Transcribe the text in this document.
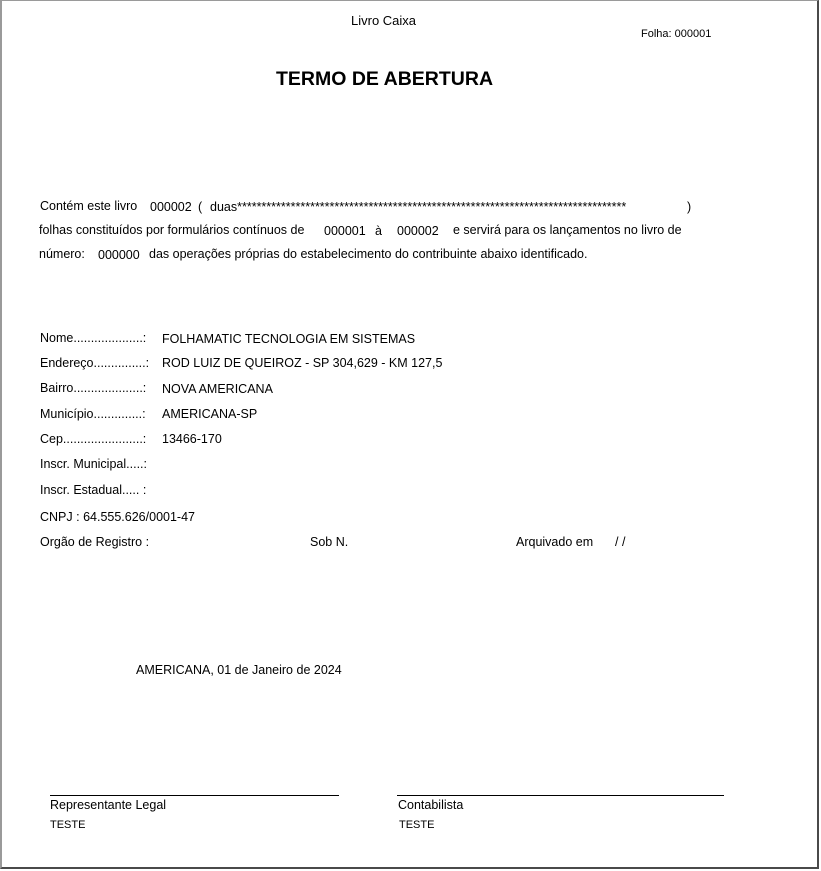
Livro Caixa
Folha: 000001
TERMO DE ABERTURA
Contém este livro 000002 ( duas********************************************************************************	)
folhas constituídos por formulários contínuos de 000001 à 000002 e servirá para os lançamentos no livro de
número: 000000 das operações próprias do estabelecimento do contribuinte abaixo identificado.
Nome....................: FOLHAMATIC TECNOLOGIA EM SISTEMAS
Endereço...............: ROD LUIZ DE QUEIROZ - SP 304,629 - KM 127,5
Bairro....................: NOVA AMERICANA
Município..............: AMERICANA-SP
Cep.......................: 13466-170
Inscr. Municipal.....:
Inscr. Estadual..... :
CNPJ : 64.555.626/0001-47
Orgão de Registro :	Sob N.	Arquivado em / /
AMERICANA, 01 de Janeiro de 2024
Representante Legal
TESTE
Contabilista
TESTE
